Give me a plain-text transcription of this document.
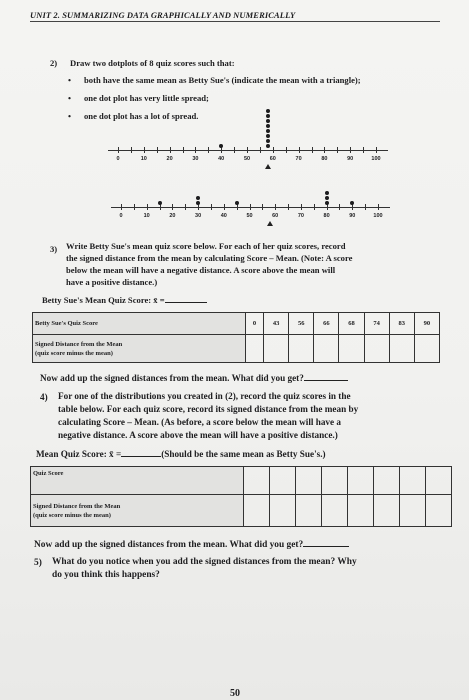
UNIT 2. SUMMARIZING DATA GRAPHICALLY AND NUMERICALLY
2) Draw two dotplots of 8 quiz scores such that:
• both have the same mean as Betty Sue's (indicate the mean with a triangle);
• one dot plot has very little spread;
• one dot plot has a lot of spread.
0	10	20	30	40	50	60	70	80	90	100
0	10	20	30	40	50	60	70	80	90	100
3) Write Betty Sue's mean quiz score below. For each of her quiz scores, record
the signed distance from the mean by calculating Score – Mean. (Note: A score
below the mean will have a negative distance. A score above the mean will
have a positive distance.)
Betty Sue's Mean Quiz Score: x̄ =
Betty Sue's Quiz Score	0	43	56	66	68	74	83	90
Signed Distance from the Mean
(quiz score minus the mean)								
Now add up the signed distances from the mean. What did you get?
4) For one of the distributions you created in (2), record the quiz scores in the
table below. For each quiz score, record its signed distance from the mean by
calculating Score – Mean. (As before, a score below the mean will have a
negative distance. A score above the mean will have a positive distance.)
Mean Quiz Score: x̄ =	(Should be the same mean as Betty Sue's.)
Quiz Score								
Signed Distance from the Mean
(quiz score minus the mean)								
Now add up the signed distances from the mean. What did you get?
5) What do you notice when you add the signed distances from the mean? Why
do you think this happens?
50
